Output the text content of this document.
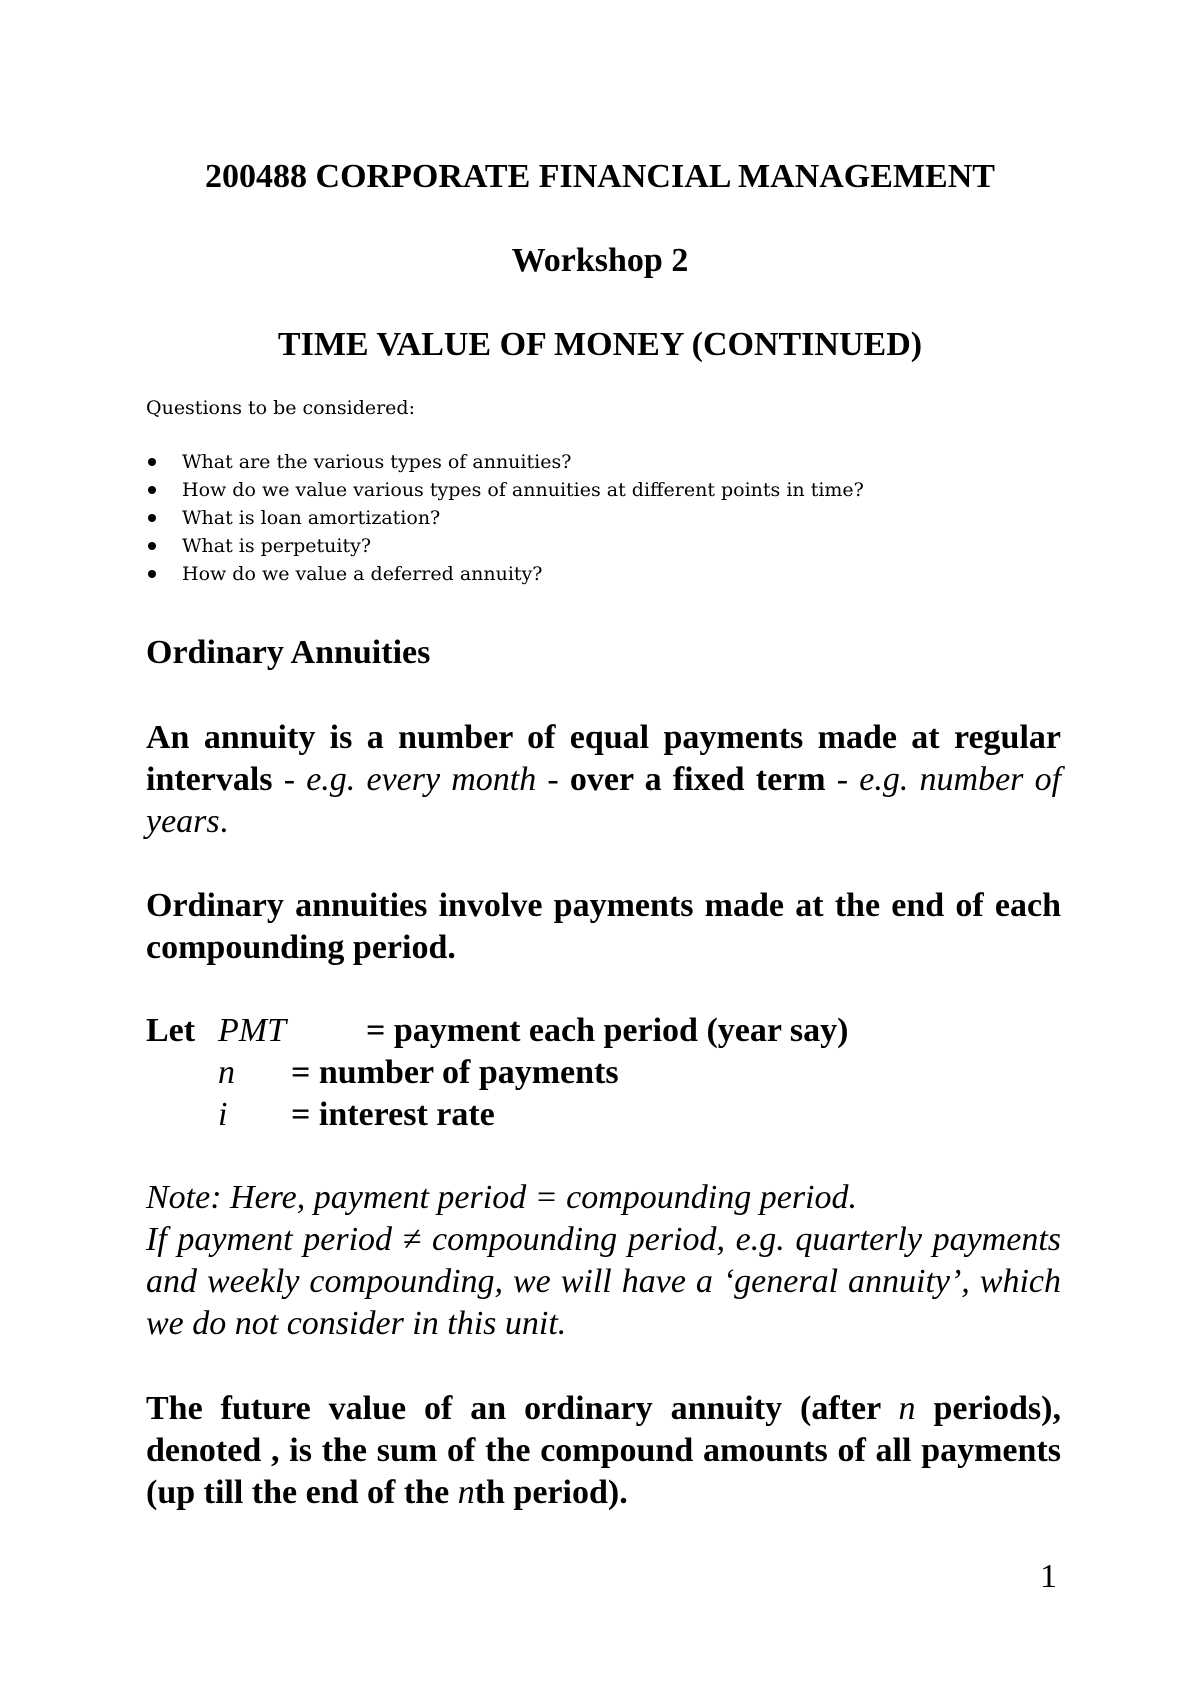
200488 CORPORATE FINANCIAL MANAGEMENT
Workshop 2
TIME VALUE OF MONEY (CONTINUED)
Questions to be considered:
What are the various types of annuities?
How do we value various types of annuities at different points in time?
What is loan amortization?
What is perpetuity?
How do we value a deferred annuity?
Ordinary Annuities
An annuity is a number of equal payments made at regular intervals - e.g. every month - over a fixed term - e.g. number of years.
Ordinary annuities involve payments made at the end of each compounding period.
Let PMT = payment each period (year say)
n = number of payments
i = interest rate
Note: Here, payment period = compounding period.
If payment period ≠ compounding period, e.g. quarterly payments and weekly compounding, we will have a ‘general annuity’, which we do not consider in this unit.
The future value of an ordinary annuity (after n periods), denoted , is the sum of the compound amounts of all payments (up till the end of the nth period).
1
